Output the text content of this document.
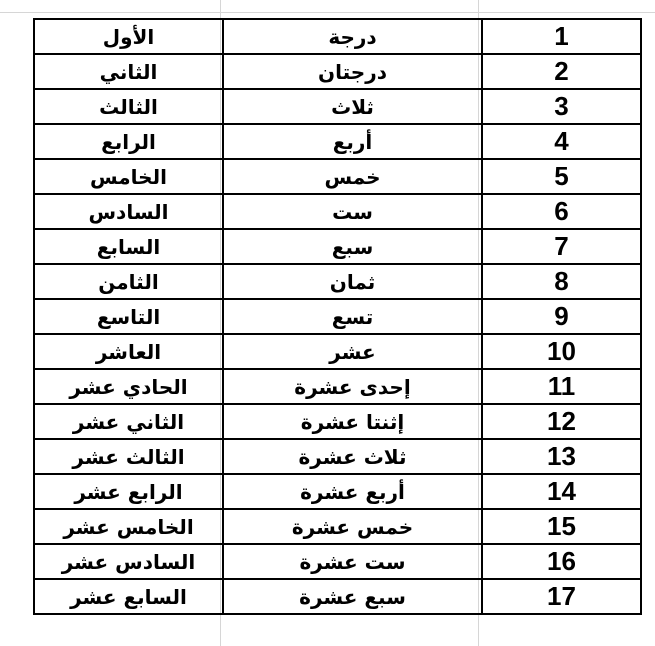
الأول	درجة	1
الثاني	درجتان	2
الثالث	ثلاث	3
الرابع	أربع	4
الخامس	خمس	5
السادس	ست	6
السابع	سبع	7
الثامن	ثمان	8
التاسع	تسع	9
العاشر	عشر	10
الحادي عشر	إحدى عشرة	11
الثاني عشر	إثنتا عشرة	12
الثالث عشر	ثلاث عشرة	13
الرابع عشر	أربع عشرة	14
الخامس عشر	خمس عشرة	15
السادس عشر	ست عشرة	16
السابع عشر	سبع عشرة	17
